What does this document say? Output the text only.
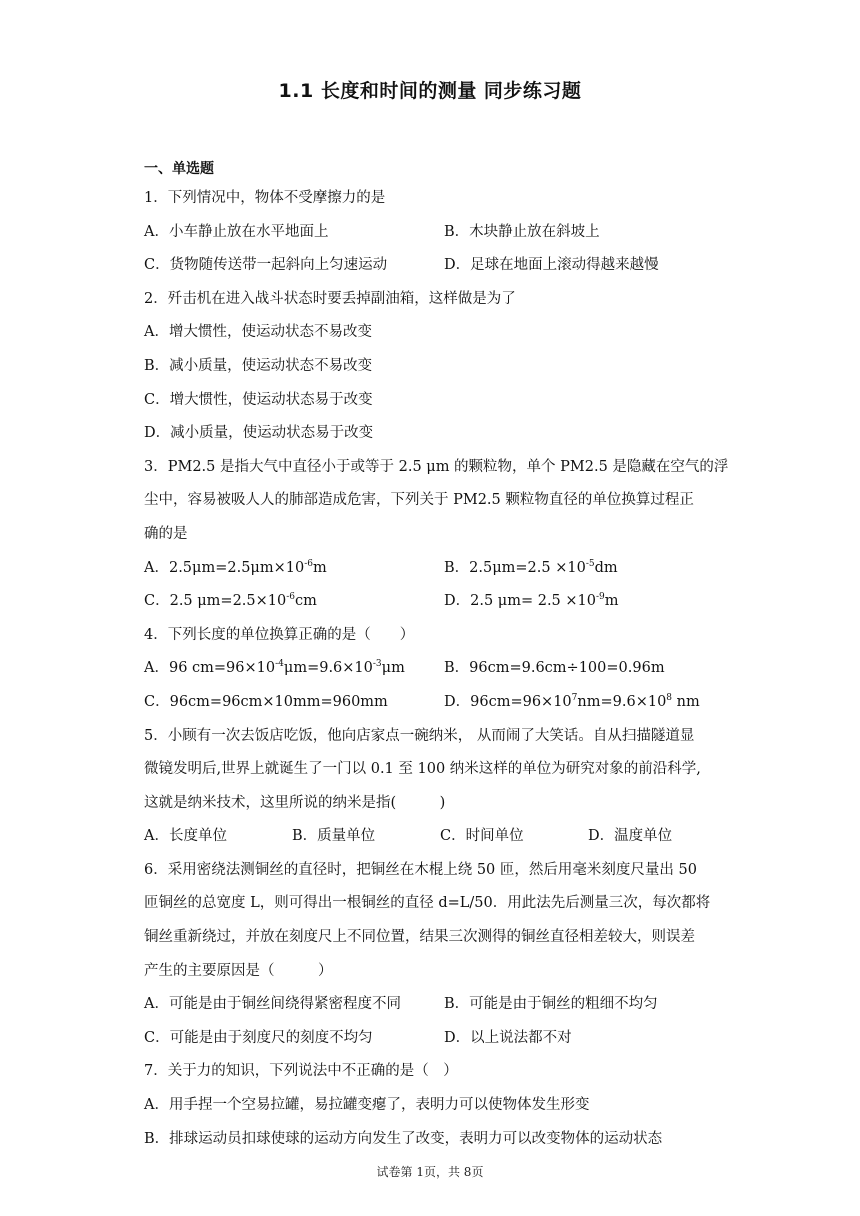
1.1 长度和时间的测量 同步练习题
一、单选题
1．下列情况中，物体不受摩擦力的是
A．小车静止放在水平地面上	B．木块静止放在斜坡上
C．货物随传送带一起斜向上匀速运动	D．足球在地面上滚动得越来越慢
2．歼击机在进入战斗状态时要丢掉副油箱，这样做是为了
A．增大惯性，使运动状态不易改变
B．减小质量，使运动状态不易改变
C．增大惯性，使运动状态易于改变
D．减小质量，使运动状态易于改变
3．PM2.5 是指大气中直径小于或等于 2.5 μm 的颗粒物，单个 PM2.5 是隐藏在空气的浮
尘中，容易被吸人人的肺部造成危害，下列关于 PM2.5 颗粒物直径的单位换算过程正
确的是
A．$2.5\mu m=2.5\mu m\times 10^{-6}m$	B．$2.5\mu m=2.5 \times 10^{-5}dm$
C．2.5 $\mu m=2.5\times 10^{-6}cm$	D．2.5 $\mu m= 2.5 \times 10^{-9}m$
4．下列长度的单位换算正确的是（　　）
A．96 $cm=96\times 10^{-4}\mu m=9.6\times 10^{-3}\mu m$	B．96cm=9.6cm÷100=0.96m
C．96cm=96cm×10mm=960mm	D．$96cm=96\times 10^7nm=9.6\times 10^8$ nm
5．小顾有一次去饭店吃饭，他向店家点一碗纳米， 从而闹了大笑话。自从扫描隧道显
微镜发明后,世界上就诞生了一门以 0.1 至 100 纳米这样的单位为研究对象的前沿科学,
这就是纳米技术，这里所说的纳米是指(　　　)
A．长度单位	B．质量单位	C．时间单位	D．温度单位
6．采用密绕法测铜丝的直径时，把铜丝在木棍上绕 50 匝，然后用毫米刻度尺量出 50
匝铜丝的总宽度 L，则可得出一根铜丝的直径 d=L/50．用此法先后测量三次，每次都将
铜丝重新绕过，并放在刻度尺上不同位置，结果三次测得的铜丝直径相差较大，则误差
产生的主要原因是（　　　）
A．可能是由于铜丝间绕得紧密程度不同	B．可能是由于铜丝的粗细不均匀
C．可能是由于刻度尺的刻度不均匀	D．以上说法都不对
7．关于力的知识，下列说法中不正确的是（　）
A．用手捏一个空易拉罐，易拉罐变瘪了，表明力可以使物体发生形变
B．排球运动员扣球使球的运动方向发生了改变，表明力可以改变物体的运动状态
试卷第 1页，共 8页
